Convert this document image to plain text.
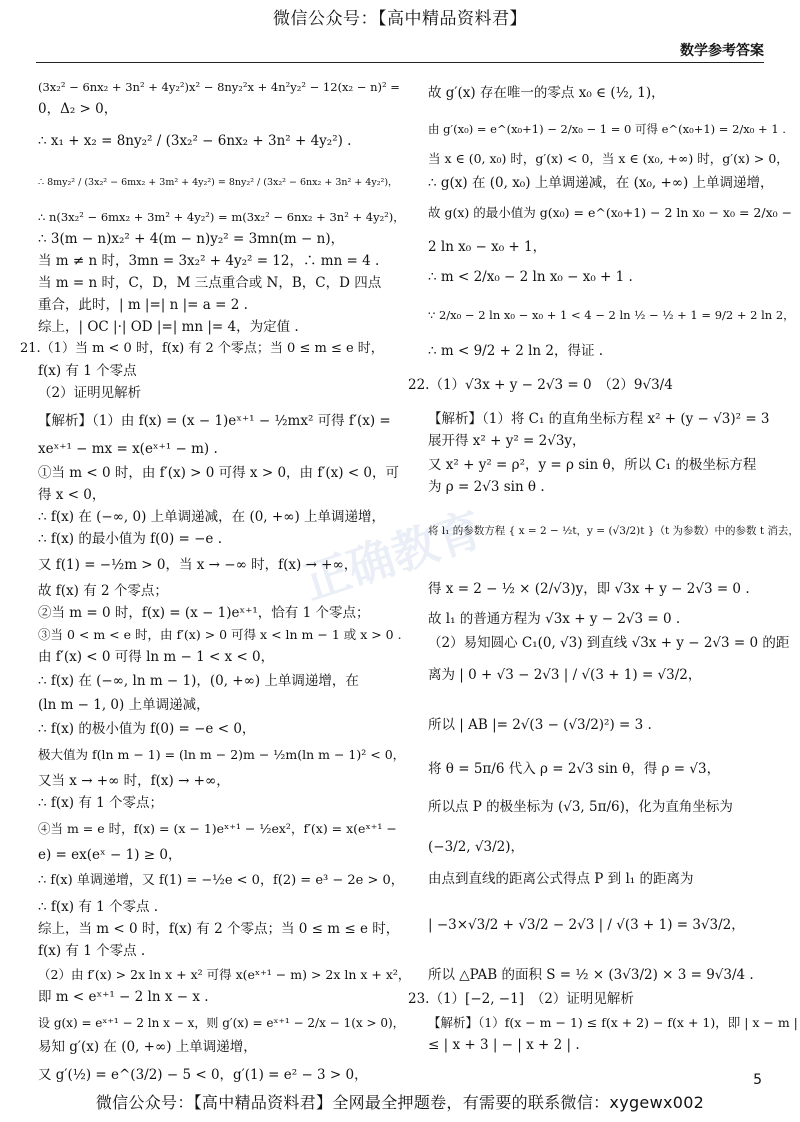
微信公众号：【高中精品资料君】
数学参考答案
正确教育
(3x₂² − 6nx₂ + 3n² + 4y₂²)x² − 8ny₂²x + 4n²y₂² − 12(x₂ − n)² =
0，Δ₂ > 0，
∴ x₁ + x₂ = 8ny₂² / (3x₂² − 6nx₂ + 3n² + 4y₂²) .
∴ 8my₂² / (3x₂² − 6mx₂ + 3m² + 4y₂²) = 8ny₂² / (3x₂² − 6nx₂ + 3n² + 4y₂²)，
∴ n(3x₂² − 6mx₂ + 3m² + 4y₂²) = m(3x₂² − 6nx₂ + 3n² + 4y₂²)，
∴ 3(m − n)x₂² + 4(m − n)y₂² = 3mn(m − n)，
当 m ≠ n 时，3mn = 3x₂² + 4y₂² = 12，∴ mn = 4 .
当 m = n 时，C，D，M 三点重合或 N，B，C，D 四点
重合，此时，| m |=| n |= a = 2 .
综上，| OC |·| OD |=| mn |= 4，为定值 .
21.（1）当 m < 0 时，f(x) 有 2 个零点；当 0 ≤ m ≤ e 时，
f(x) 有 1 个零点
（2）证明见解析
【解析】（1）由 f(x) = (x − 1)eˣ⁺¹ − ½mx² 可得 f′(x) =
xeˣ⁺¹ − mx = x(eˣ⁺¹ − m) .
①当 m < 0 时，由 f′(x) > 0 可得 x > 0，由 f′(x) < 0，可
得 x < 0，
∴ f(x) 在 (−∞, 0) 上单调递减，在 (0, +∞) 上单调递增，
∴ f(x) 的最小值为 f(0) = −e .
又 f(1) = −½m > 0，当 x → −∞ 时，f(x) → +∞，
故 f(x) 有 2 个零点；
②当 m = 0 时，f(x) = (x − 1)eˣ⁺¹，恰有 1 个零点；
③当 0 < m < e 时，由 f′(x) > 0 可得 x < ln m − 1 或 x > 0 .
由 f′(x) < 0 可得 ln m − 1 < x < 0，
∴ f(x) 在 (−∞, ln m − 1)，(0, +∞) 上单调递增，在
(ln m − 1, 0) 上单调递减，
∴ f(x) 的极小值为 f(0) = −e < 0，
极大值为 f(ln m − 1) = (ln m − 2)m − ½m(ln m − 1)² < 0，
又当 x → +∞ 时，f(x) → +∞，
∴ f(x) 有 1 个零点；
④当 m = e 时，f(x) = (x − 1)eˣ⁺¹ − ½ex²，f′(x) = x(eˣ⁺¹ −
e) = ex(eˣ − 1) ≥ 0，
∴ f(x) 单调递增，又 f(1) = −½e < 0，f(2) = e³ − 2e > 0，
∴ f(x) 有 1 个零点 .
综上，当 m < 0 时，f(x) 有 2 个零点；当 0 ≤ m ≤ e 时，
f(x) 有 1 个零点 .
（2）由 f′(x) > 2x ln x + x² 可得 x(eˣ⁺¹ − m) > 2x ln x + x²，
即 m < eˣ⁺¹ − 2 ln x − x .
设 g(x) = eˣ⁺¹ − 2 ln x − x，则 g′(x) = eˣ⁺¹ − 2/x − 1(x > 0)，
易知 g′(x) 在 (0, +∞) 上单调递增，
又 g′(½) = e^(3/2) − 5 < 0，g′(1) = e² − 3 > 0，
故 g′(x) 存在唯一的零点 x₀ ∈ (½, 1)，
由 g′(x₀) = e^(x₀+1) − 2/x₀ − 1 = 0 可得 e^(x₀+1) = 2/x₀ + 1 .
当 x ∈ (0, x₀) 时，g′(x) < 0，当 x ∈ (x₀, +∞) 时，g′(x) > 0，
∴ g(x) 在 (0, x₀) 上单调递减，在 (x₀, +∞) 上单调递增，
故 g(x) 的最小值为 g(x₀) = e^(x₀+1) − 2 ln x₀ − x₀ = 2/x₀ −
2 ln x₀ − x₀ + 1，
∴ m < 2/x₀ − 2 ln x₀ − x₀ + 1 .
∵ 2/x₀ − 2 ln x₀ − x₀ + 1 < 4 − 2 ln ½ − ½ + 1 = 9/2 + 2 ln 2，
∴ m < 9/2 + 2 ln 2，得证 .
22.（1）√3x + y − 2√3 = 0　（2）9√3/4
【解析】（1）将 C₁ 的直角坐标方程 x² + (y − √3)² = 3
展开得 x² + y² = 2√3y，
又 x² + y² = ρ²，y = ρ sin θ，所以 C₁ 的极坐标方程
为 ρ = 2√3 sin θ .
将 l₁ 的参数方程 { x = 2 − ½t，y = (√3/2)t }（t 为参数）中的参数 t 消去，
得 x = 2 − ½ × (2/√3)y，即 √3x + y − 2√3 = 0 .
故 l₁ 的普通方程为 √3x + y − 2√3 = 0 .
（2）易知圆心 C₁(0, √3) 到直线 √3x + y − 2√3 = 0 的距
离为 | 0 + √3 − 2√3 | / √(3 + 1) = √3/2，
所以 | AB |= 2√(3 − (√3/2)²) = 3 .
将 θ = 5π/6 代入 ρ = 2√3 sin θ，得 ρ = √3，
所以点 P 的极坐标为 (√3, 5π/6)，化为直角坐标为
(−3/2, √3/2)，
由点到直线的距离公式得点 P 到 l₁ 的距离为
| −3×√3/2 + √3/2 − 2√3 | / √(3 + 1) = 3√3/2，
所以 △PAB 的面积 S = ½ × (3√3/2) × 3 = 9√3/4 .
23.（1）[−2, −1]　（2）证明见解析
【解析】（1）f(x − m − 1) ≤ f(x + 2) − f(x + 1)，即 | x − m |
≤ | x + 3 | − | x + 2 | .
5
微信公众号：【高中精品资料君】全网最全押题卷，有需要的联系微信：xygewx002
